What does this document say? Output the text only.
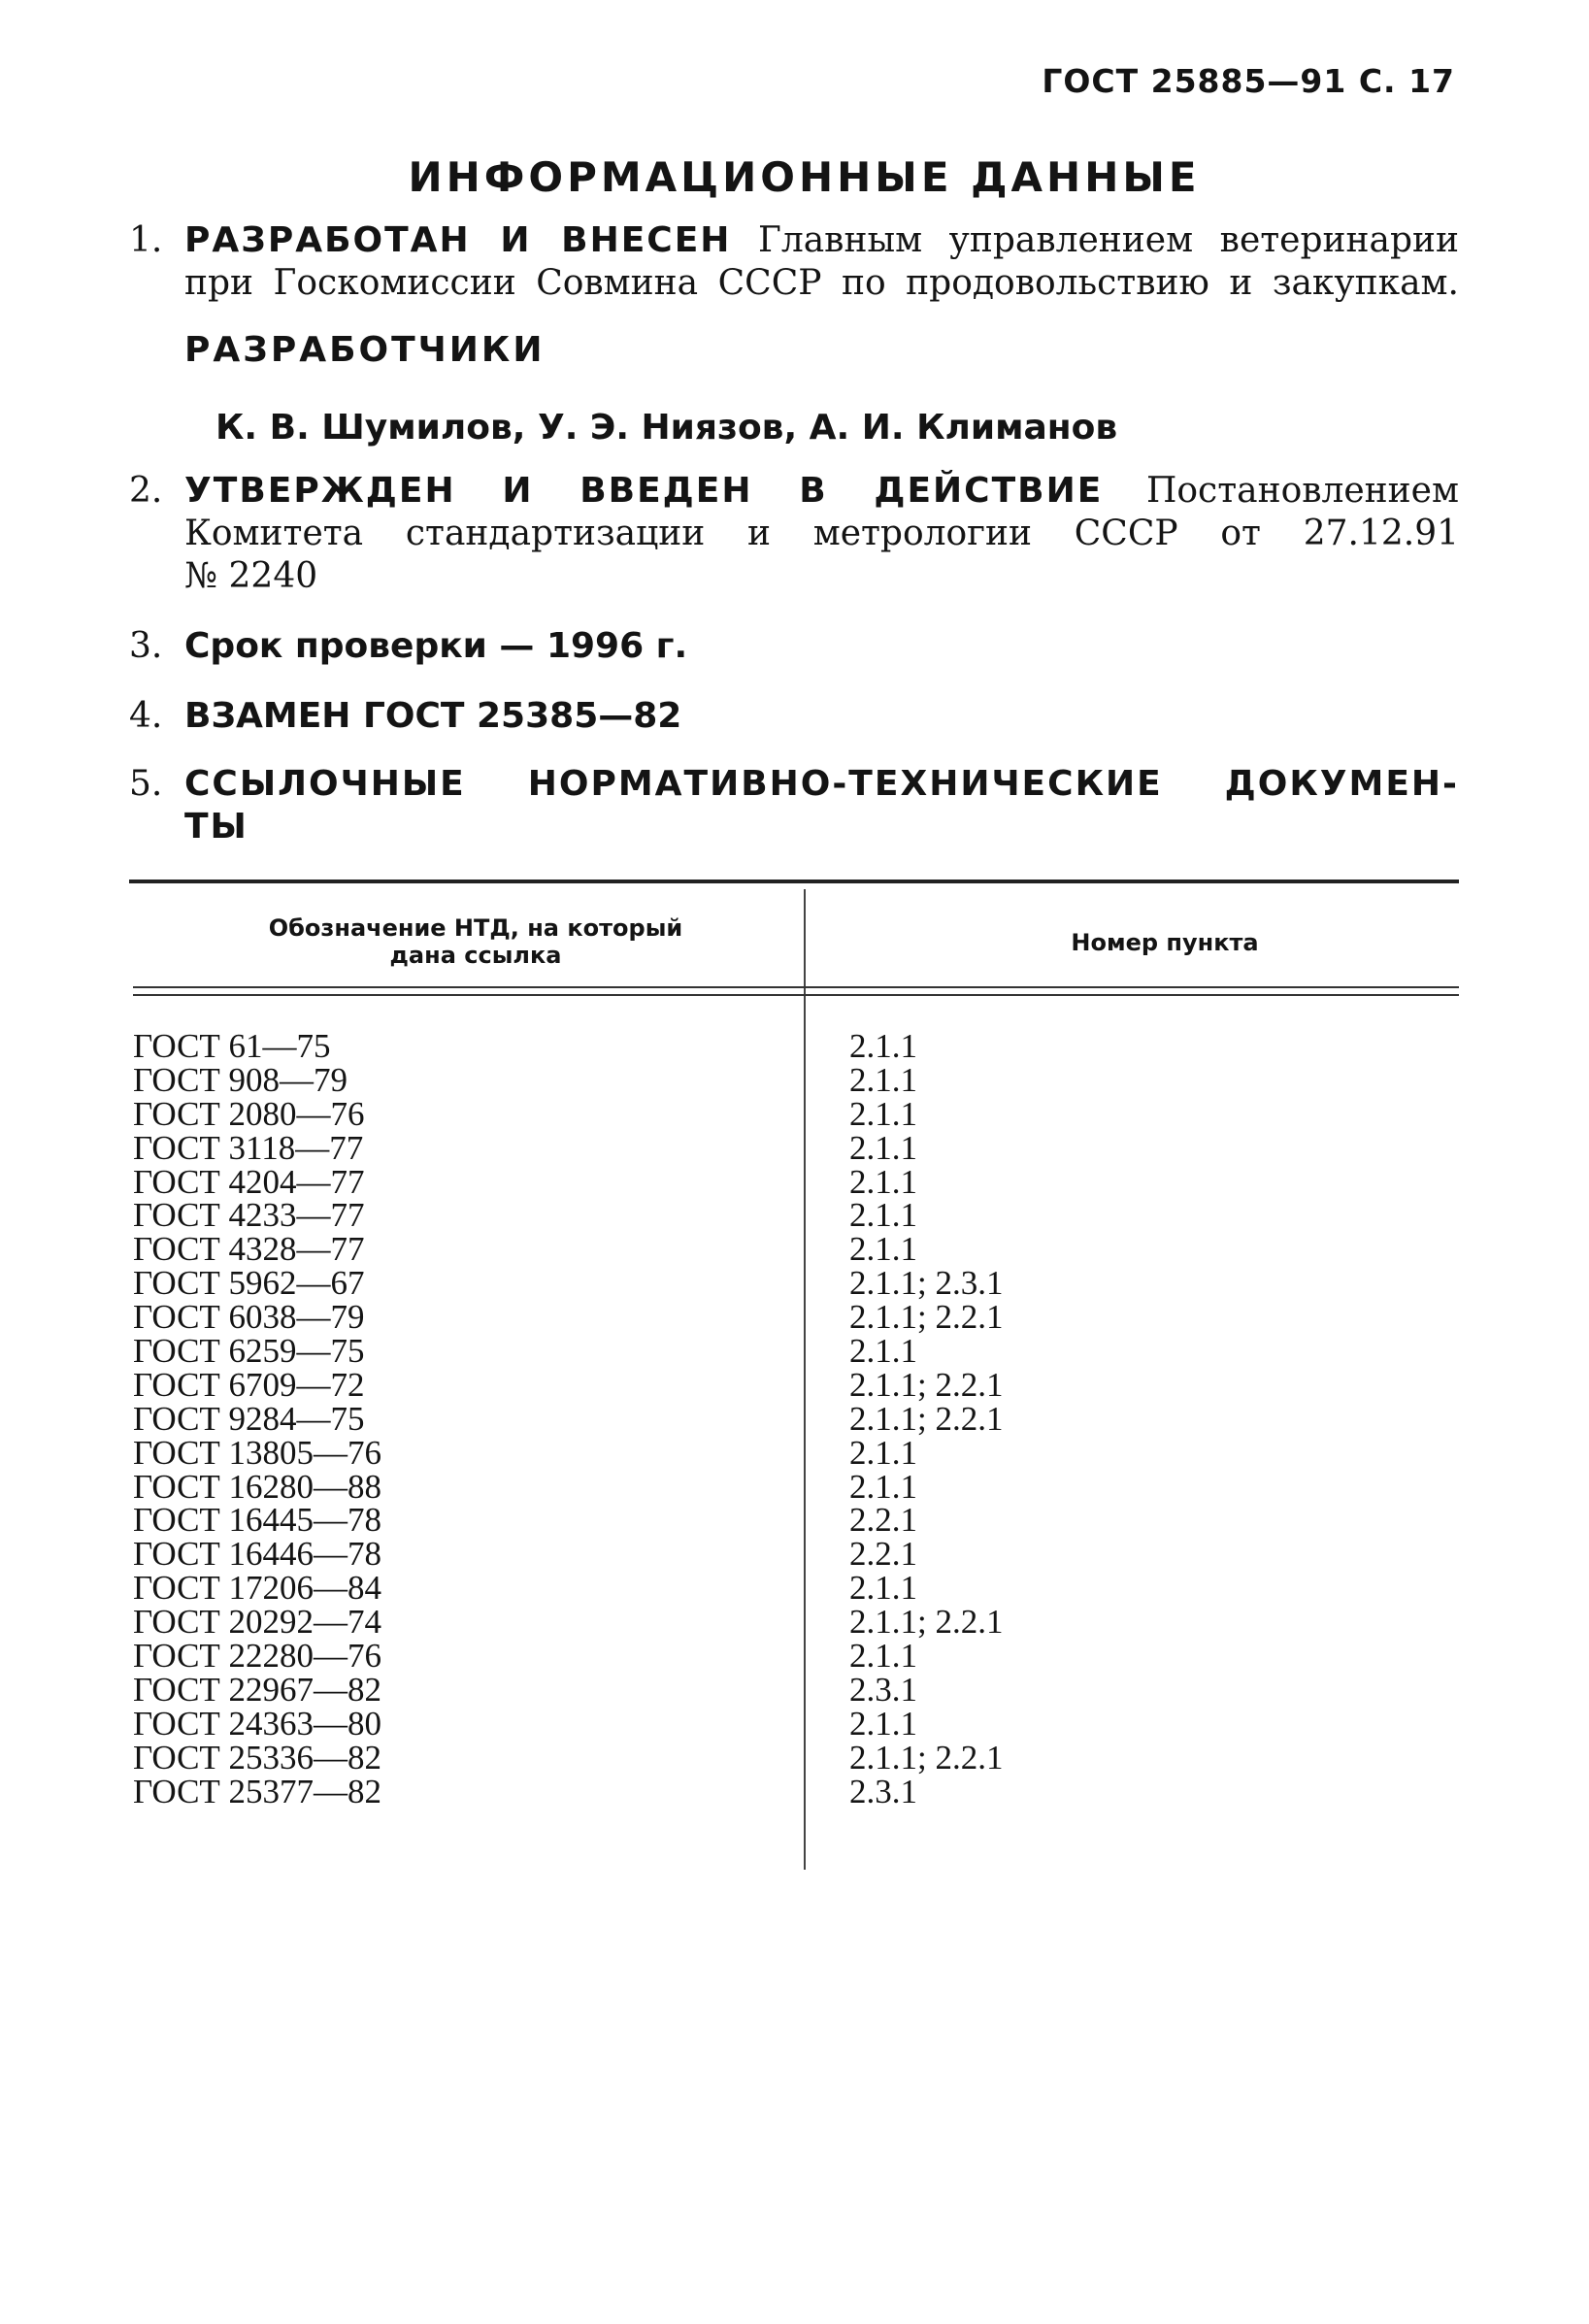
ГОСТ 25885—91 С. 17
ИНФОРМАЦИОННЫЕ ДАННЫЕ
1. РАЗРАБОТАН И ВНЕСЕН Главным управлением ветеринарии
при Госкомиссии Совмина СССР по продовольствию и закупкам.
РАЗРАБОТЧИКИ
К. В. Шумилов, У. Э. Ниязов, А. И. Климанов
2. УТВЕРЖДЕН И ВВЕДЕН В ДЕЙСТВИЕ Постановлением
Комитета стандартизации и метрологии СССР от 27.12.91
№ 2240
3. Срок проверки — 1996 г.
4. ВЗАМЕН ГОСТ 25385—82
5. ССЫЛОЧНЫЕ НОРМАТИВНО-ТЕХНИЧЕСКИЕ ДОКУМЕН-
ТЫ
Обозначение НТД, на который
дана ссылка	Номер пункта
ГОСТ 61—75	2.1.1
ГОСТ 908—79	2.1.1
ГОСТ 2080—76	2.1.1
ГОСТ 3118—77	2.1.1
ГОСТ 4204—77	2.1.1
ГОСТ 4233—77	2.1.1
ГОСТ 4328—77	2.1.1
ГОСТ 5962—67	2.1.1; 2.3.1
ГОСТ 6038—79	2.1.1; 2.2.1
ГОСТ 6259—75	2.1.1
ГОСТ 6709—72	2.1.1; 2.2.1
ГОСТ 9284—75	2.1.1; 2.2.1
ГОСТ 13805—76	2.1.1
ГОСТ 16280—88	2.1.1
ГОСТ 16445—78	2.2.1
ГОСТ 16446—78	2.2.1
ГОСТ 17206—84	2.1.1
ГОСТ 20292—74	2.1.1; 2.2.1
ГОСТ 22280—76	2.1.1
ГОСТ 22967—82	2.3.1
ГОСТ 24363—80	2.1.1
ГОСТ 25336—82	2.1.1; 2.2.1
ГОСТ 25377—82	2.3.1
